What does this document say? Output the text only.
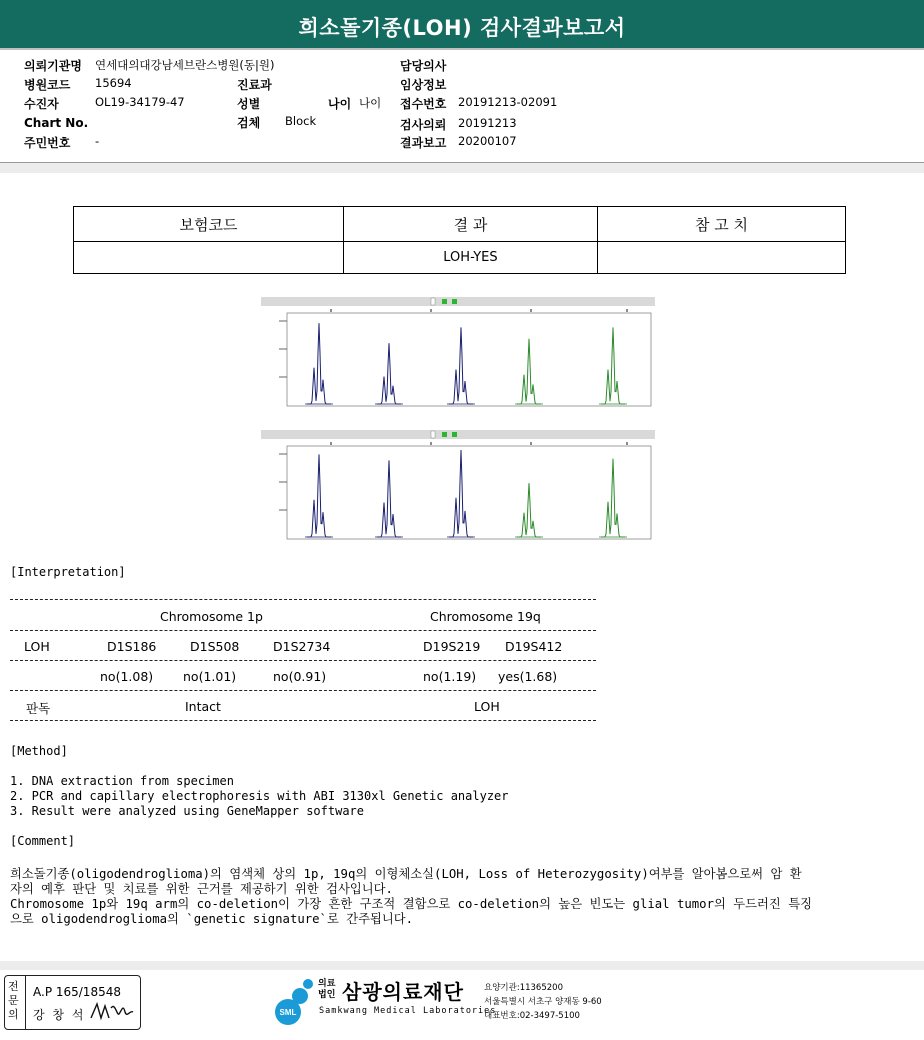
희소돌기종(LOH) 검사결과보고서
의뢰기관명 연세대의대강남세브란스병원(동|원)
병원코드 15694
수진자	OL19-34179-47
Chart No.
주민번호 -
진료과
성별	나이 나이
검체 Block
담당의사
임상정보
접수번호 20191213-02091
검사의뢰 20191213
결과보고 20200107
보험코드	결 과	참 고 치
	LOH-YES	
[Interpretation]
Chromosome 1p	Chromosome 19q
LOH	D1S186	D1S508	D1S2734	D19S219 D19S412
no(1.08) no(1.01)	no(0.91)	no(1.19) yes(1.68)
판독	Intact	LOH
[Method]
1. DNA extraction from specimen
2. PCR and capillary electrophoresis with ABI 3130xl Genetic analyzer
3. Result were analyzed using GeneMapper software
[Comment]
희소돌기종(oligodendroglioma)의 염색체 상의 1p, 19q의 이형체소실(LOH, Loss of Heterozygosity)여부를 알아봄으로써 암 환
자의 예후 판단 및 치료를 위한 근거를 제공하기 위한 검사입니다.
Chromosome 1p와 19q arm의 co-deletion이 가장 흔한 구조적 결함으로 co-deletion의 높은 빈도는 glial tumor의 두드러진 특징
으로 oligodendroglioma의 `genetic signature`로 간주됩니다.
전문의
A.P 165/18548
강 창 석	SML
의료법인 삼광의료재단
Samkwang Medical Laboratories
요양기관:11365200
서울특별시 서초구 양재동 9-60
대표번호:02-3497-5100
